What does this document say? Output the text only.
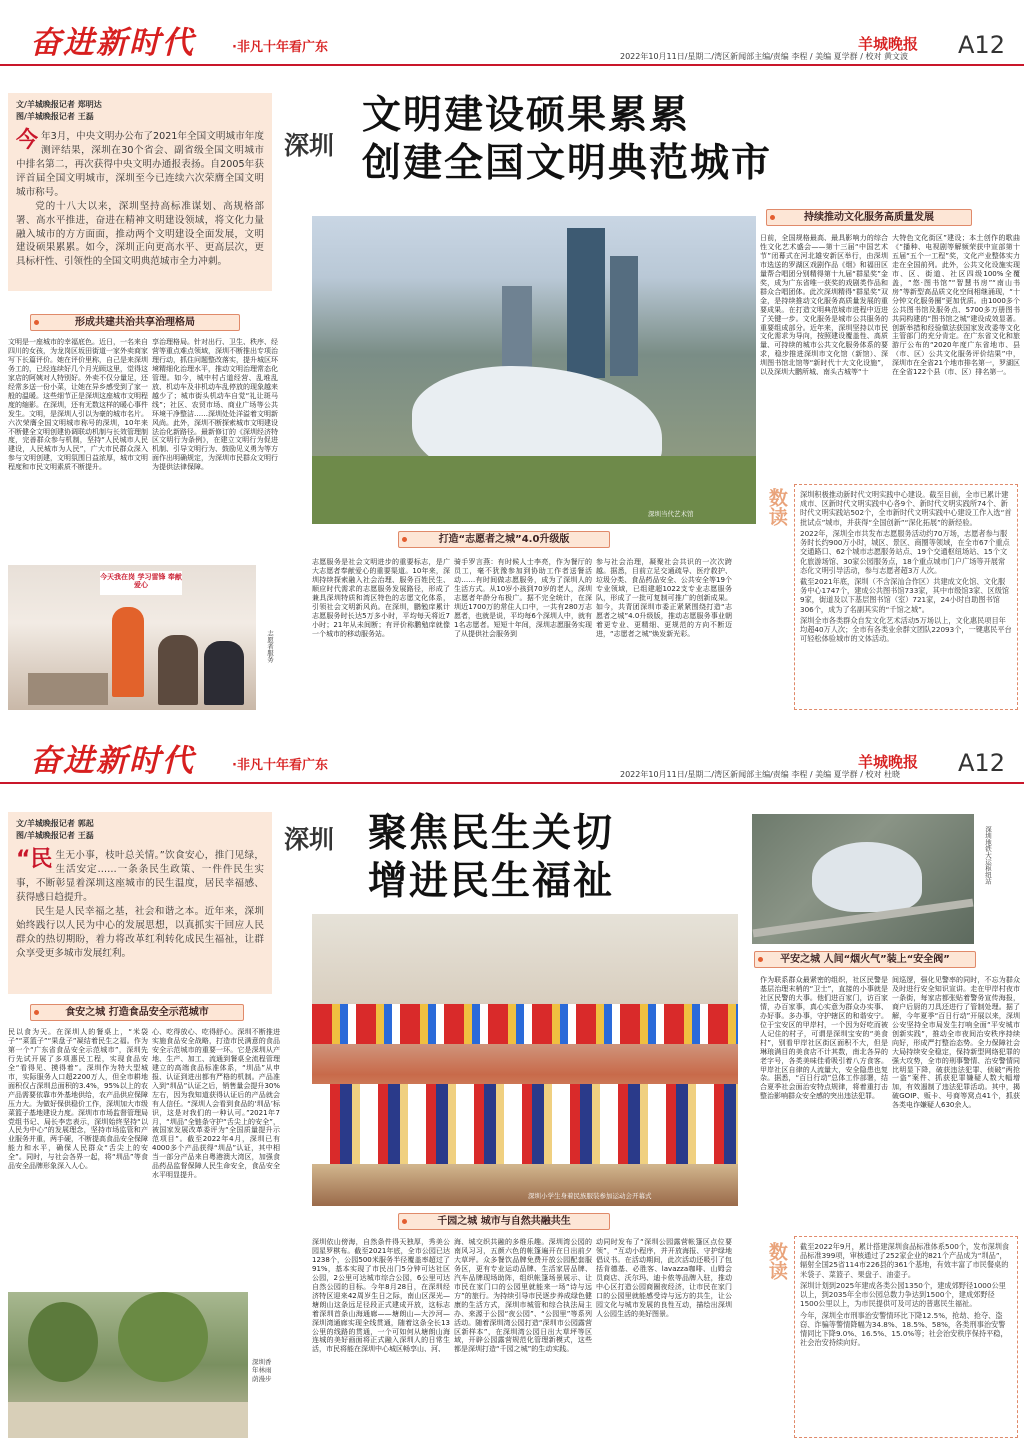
奋进新时代	·非凡十年看广东	羊城晚报 A12
2022年10月11日/星期二/湾区新闻部主编/责编 李程 / 美编 夏学群 / 校对 黄文波
文/羊城晚报记者 郑明达
图/羊城晚报记者 王磊

今年3月，中央文明办公布了2021年全国文明城市年度测评结果，深圳在30个省会、副省级全国文明城市中排名第二，再次获得中央文明办通报表扬。自2005年获评首届全国文明城市，深圳至今已连续六次荣膺全国文明城市称号。

党的十八大以来，深圳坚持高标准谋划、高规格部署、高水平推进，奋进在精神文明建设领域，将文化力量融入城市的方方面面，推动两个文明建设全面发展，文明建设硕果累累。如今，深圳正向更高水平、更高层次，更具标杆性、引领性的全国文明典范城市全力冲刺。

深圳
文明建设硕果累累
创建全国文明典范城市
形成共建共治共享治理格局
文明是一座城市的幸福底色。近日，一名来自四川的女孩，为龙岗区坂田街道一家外卖商家写下长篇评价。她在评价里称，自己是来深圳务工的，已经连续好几个月光顾这里，觉得这家店的阿姨对人特别好。外卖不仅分量足，还经常多送一份小菜，让她在异乡感受到了家一般的温暖。这些细节正是深圳这座城市文明程度的缩影。在深圳，还有无数这样的暖心事件发生。文明，是深圳人引以为豪的城市名片。六次荣膺全国文明城市称号的深圳，10年来不断健全文明创建协调联动机制与长效管理制度，完善群众参与机制，坚持“人民城市人民建设，人民城市为人民”，广大市民群众深入参与文明创建，文明氛围日益浓厚，城市文明程度和市民文明素质不断提升。
享治理格局。针对出行、卫生、秩序、经营等重点难点领域，深圳不断推出专项治理行动，抓住问题整改落实，提升城区环境精细化治理水平，推动文明治理常态化管理。如今，城中村占道经营、乱堆乱放、机动车及非机动车乱停放的现象越来越少了；城市街头机动车自觉“礼让斑马线”；社区、农贸市场、商业广场等公共环境干净整洁……深圳处处洋溢着文明新风尚。此外，深圳不断探索城市文明建设法治化新路径。最新修订的《深圳经济特区文明行为条例》，在建立文明行为促进机制、引导文明行为、鼓励见义勇为等方面作出明确规定，为深圳市民群众文明行为提供法律保障。
今天我在岗 学习雷锋 奉献爱心
志愿者服务
深圳当代艺术馆
打造“志愿者之城”4.0升级版
志愿服务是社会文明进步的重要标志，是广大志愿者奉献爱心的重要渠道。10年来，深圳持续探索融入社会治理、服务百姓民生、顺应时代需求的志愿服务发展路径，形成了兼具深圳特质和湾区特色的志愿文化体系，引领社会文明新风尚。在深圳，鹏勉庠累计志愿服务时长达5万多小时，平均每天将近7小时；21年从未间断；有评价称鹏勉庠就像一个城市的移动服务站。
骑手罗言燕：有时候人士李亮，作为餐厅的员工，毫不犹豫参加到协助工作者送餐活动……有时间做志愿服务，成为了深圳人的生活方式。从10岁小孩到70岁的老人，深圳志愿者年龄分布极广。据不完全统计，在深圳近1700万的常住人口中，一共有280万志愿者，也就是说，平均每6个深圳人中，就有1名志愿者。短短十年间，深圳志愿服务实现了从提供社会服务到
参与社会治理，凝聚社会共识的一次次跨越。据悉，目前立足交通疏导、医疗救护、垃圾分类、食品药品安全、公共安全等19个专业领域，已组建超1022支专业志愿服务队，形成了一批可复制可推广的创新成果。如今，共青团深圳市委正紧紧围绕打造“志愿者之城”4.0升级版，推动志愿服务事业朝着更专业、更精细、更规范的方向不断迈进，“志愿者之城”焕发新光彩。
持续推动文化服务高质量发展
日前，全国规格最高、最具影响力的综合性文化艺术盛会——第十三届“中国艺术节”闭幕式在河北雄安新区举行，由深圳市选送的罗湖区戏剧作品《烟》和福田区量帮合唱团分别精得第十九届“群星奖”金奖，成为广东省唯一获奖的戏剧类作品和群众合唱团体。此次深圳精得“群星奖”双金，是持续推动文化服务高质量发展的重要成果。在打造文明典范城市进程中迈进了关键一步。文化服务是城市公共服务的重要组成部分。近年来，深圳坚持以市民文化需求为导向，按照建设覆盖性、高质量、可持续的城市公共文化服务体系的要求，稳步推进深圳市文化馆（新馆）、深圳图书馆北馆等“新时代十大文化设施”，以及深圳大鹏所城、南头古城等“十
大特色文化街区”建设；本土创作的歌曲《“播种、电视剧等解频荣获中宣部第十五届“五个一工程”奖，文化产业整体实力走在全国前列。此外，公共文化设施实现市、区、街道、社区四级100%全覆盖，“悠·图书馆”“智慧书房”“南山书房”等新型高品质文化空间相继涌现，“十分钟文化服务圈”更加优质。由1000多个公共图书馆及服务点、5700多万册图书共同构建的“图书馆之城”建设成效显著。创新举措和经验做法获国家发改委等文化主管部门的充分肯定。在广东省文化和旅游厅公布的“2020年度广东省地市、县（市、区）公共文化服务评价结果”中，深圳市在全省21个地市排名第一，罗湖区在全省122个县（市、区）排名第一。
数读 深圳积极推动新时代文明实践中心建设。截至目前，全市已累计建成市、区新时代文明实践中心各9个、新时代文明实践所74个、新时代文明实践站502个，全市新时代文明实践中心建设工作入选“首批试点”城市，并获得“全国创新”“深化拓展”的新经验。

2022年，深圳全市共发布志愿服务活动约70万场，志愿者参与服务时长约900万小时，城区、景区、商圈等领域，在全市67个重点交通路口、62个城市志愿服务站点、19个交通枢纽场站、15个文化旅游场馆、30家公园服务点，18个重点城市门户广场等开展常态化文明引导活动，参与志愿者超3万人次。

截至2021年底，深圳（不含深汕合作区）共建成文化馆、文化服务中心1747个，建成公共图书馆733家，其中市级馆3家、区级馆9家，街道及以下基层图书馆（室）721家，24小时自助图书馆306个，成为了名副其实的“千馆之城”。

深圳全市各类群众自发文化艺术活动5万场以上，文化惠民项目年均超40万人次；全市有各类业余群文团队22093个，一键惠民平台可轻松体验城市的文体活动。

奋进新时代	·非凡十年看广东	羊城晚报 A12
2022年10月11日/星期二/湾区新闻部主编/责编 李程 / 美编 夏学群 / 校对 杜晓
文/羊城晚报记者 郭起
图/羊城晚报记者 王磊

“民生无小事，枝叶总关情。”饮食安心，推门见绿，生活安定……一条条民生政策、一件件民生实事，不断彰显着深圳这座城市的民生温度，居民幸福感、获得感日趋提升。

民生是人民幸福之基，社会和谐之本。近年来，深圳始终践行以人民为中心的发展思想，以真抓实干回应人民群众的热切期盼，着力将改革红利转化成民生福祉，让群众享受更多城市发展红利。

深圳 聚焦民生关切
增进民生福祉	深圳地铁大运枢纽站
平安之城 人间“烟火气”装上“安全阀”
作为联系群众最紧密的组织，社区民警是基层治理末梢的“卫士”，直接的小事就是社区民警的大事。他们进百家门，访百家情，办百家事，真心实意为群众办实事、办好事。多办事，守护辖区的和谐安宁。位于宝安区的甲岸村，一个因为好吃而被人记住的村子，可谓是深圳宝安的“美食村”，别看甲岸社区街区面积不大，但是琳琅满目的美食店不计其数，南北各异的老字号，各类美味佳肴吸引着八方食客。甲岸社区自律的人流量大，安全隐患也复杂。据悉，“百日行动”总体工作部署，结合夏季社会面治安特点规律，将着重打击整治影响群众安全感的突出违法犯罪。
间巡逻，强化见警率的同时，不忘为群众及时进行安全知识宣讲。走在甲岸村夜市一条街，每家店都张贴着警务宣传海报，商户后厨的刀具还进行了管制处理。据了解，今年夏季“百日行动”开展以来，深圳公安坚持全市局发生打响全面“平安城市创新实践”，推动全市夜间治安秩序持续向好，形成严打整治态势。全力保障社会大局持续安全稳定，保持新型网络犯罪的强大攻势，全市的刑事警情、治安警情同比明显下降，破获违法犯罪、侦破“两抢一盗”案件、抓获犯罪嫌疑人数大幅增加，有效遏制了违法犯罪活动。其中，揭破GOIP、贩卡、号商等窝点41个，抓获各类电诈嫌疑人630余人。
食安之城 打造食品安全示范城市
民以食为天。在深圳人的餐桌上，“米袋子”“菜篮子”“果盘子”凝结着民生之福。作为第一个“广东省食品安全示范城市”，深圳先行先试开展了多项惠民工程，实现食品安全“看得见、摸得着”。深圳作为特大型城市，实际服务人口超2200万人，但全市耕地面积仅占深圳总面积的3.4%，95%以上的农产品需要依靠市外基地供给，农产品供应保障压力大。为做好保供稳价工作，深圳加大市级菜篮子基地建设力度。深圳市市场监督管理局党组书记、局长李忠表示，深圳始终坚持“以人民为中心”的发展理念，坚持市场监管和产业服务并重，两手硬，不断提高食品安全保障能力和水平，确保人民群众“舌尖上的安全”。同时，与社会各界一起，将“圳品”等食品安全品牌形象深入人心。
心、吃得放心、吃得舒心。深圳不断推进实施食品安全战略，打造市民满意的食品安全示范城市的重要一环。它是深圳从产地、生产、加工、流通到餐桌全流程管理建立的高端食品标准体系，“圳品”从申报、认证到进出都有严格的机制。产品准入到“圳品”认证之后，销售量会提升30%左右，因为我知道获得认证后的产品就会有人信任。“深圳人会看到食品的‘圳品’标识，这是对我们的一种认可。”2021年7月，“圳品”全链条守护“舌尖上的安全”，被国家发展改革委评为“全国质量提升示范项目”。截至2022年4月，深圳已有4000多个产品获得“圳品”认证，其中相当一部分产品来自粤港澳大湾区，加强食品药品监督保障人民生命安全，食品安全水平明显提升。
深圳香年林雨荫漫步
深圳小学生身着民族服装参加运动会开幕式
千园之城 城市与自然共融共生
深圳依山傍海，自然条件得天独厚，秀美公园星罗棋布。截至2021年底，全市公园已达1238个，公园500米服务半径覆盖率超过了91%，基本实现了市民出门5分钟可达社区公园，2公里可达城市综合公园，6公里可达自然公园的目标。今年8月28日，在深圳经济特区迎来42周岁生日之际，南山区深光—塘朗山这条远足径段正式建成开放，这标志着深圳首条山海通廊——塘朗山—大沙河—深圳湾通廊实现全线贯通，随着这条全长13公里的线路的贯通，一个可如何从塘朗山海连城的美好画面将正式融入深圳人的日常生活，市民将能在深圳中心城区畅享山、河、
海、城交织共融的多维乐趣。深圳湾公园的南风习习，五颜六色的帐篷遍开在日出前夕大草坪。众多餐饮品牌免费开放公园配套服务区，更有专业运动品牌、生活家居品牌、汽车品牌现场助阵，组织帐篷场景展示、让市民在家门口的公园里就能来一场“诗与远方”的旅行。为持续引导市民逐步养成绿色健康的生活方式，深圳市城管和综合执法局主办、来源于公园“夜公园”、“公园里”等系列活动。随着深圳湾公园打造“深圳市公园露营区新样本”，在深圳湾公园日出大草坪等区域，开辟公园露营规范化管理新模式，这些都是深圳打造“千园之城”的生动实践。
动同时发布了“深圳公园露营帐篷区点位要领”，“互动小程序，并开放海报、守护绿地倡议书。在活动期间，此次活动还吸引了包括肯德基、必胜客、lavazza咖啡、山姆会员商店、沃尔玛、迪卡侬等品牌入驻，推动中心区打造公园商圈夜经济，让市民在家门口的公园里就能感受诗与远方的共生，让公园文化与城市发展的良性互动，描绘出深圳人公园生活的美好图景。
数读 截至2022年9月，累计搭建深圳食品标准体系500个，发布深圳食品标准399项，审核通过了252家企业的821个产品成为“圳品”，辐射全国25省114市226县的361个基地，有效丰富了市民餐桌的米袋子、菜篮子、果盘子、油壶子。

深圳计划到2025年建成各类公园1350个，建成郊野径1000公里以上，到2035年全市公园总数力争达到1500个，建成郊野径1500公里以上，为市民提供可及可达的普惠民生福祉。

今年，深圳全市刑事治安警情环比下降12.5%，抢劫、抢夺、盗窃、诈骗等警情降幅为34.8%、18.5%、58%，各类刑事治安警情同比下降9.0%、16.5%、15.0%等；社会治安秩序保持平稳，社会治安持续向好。
